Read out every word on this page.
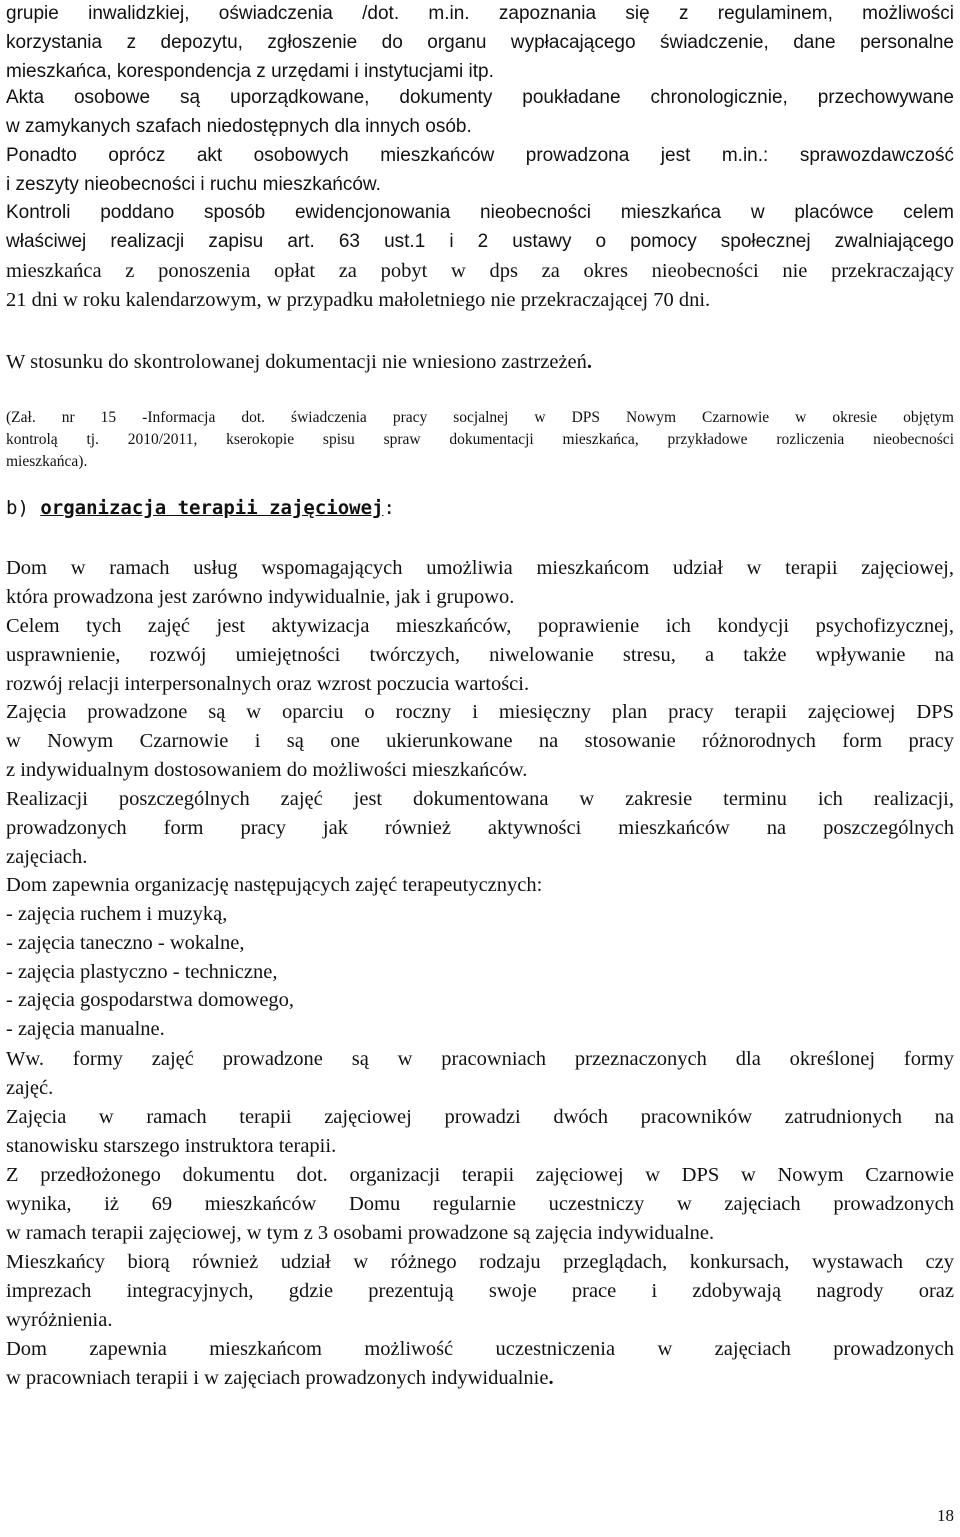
grupie inwalidzkiej, oświadczenia /dot. m.in. zapoznania się z regulaminem, możliwości
korzystania z depozytu, zgłoszenie do organu wypłacającego świadczenie, dane personalne
mieszkańca, korespondencja z urzędami i instytucjami itp.
Akta osobowe są uporządkowane, dokumenty poukładane chronologicznie, przechowywane
w zamykanych szafach niedostępnych dla innych osób.
Ponadto oprócz akt osobowych mieszkańców prowadzona jest m.in.: sprawozdawczość
i zeszyty nieobecności i ruchu mieszkańców.
Kontroli poddano sposób ewidencjonowania nieobecności mieszkańca w placówce celem
właściwej realizacji zapisu art. 63 ust.1 i 2 ustawy o pomocy społecznej zwalniającego
mieszkańca z ponoszenia opłat za pobyt w dps za okres nieobecności nie przekraczający
21 dni w roku kalendarzowym, w przypadku małoletniego nie przekraczającej 70 dni.
W stosunku do skontrolowanej dokumentacji nie wniesiono zastrzeżeń.
(Zał. nr 15 -Informacja dot. świadczenia pracy socjalnej w DPS Nowym Czarnowie w okresie objętym
kontrolą tj. 2010/2011, kserokopie spisu spraw dokumentacji mieszkańca, przykładowe rozliczenia nieobecności
mieszkańca).
b) organizacja terapii zajęciowej:
Dom w ramach usług wspomagających umożliwia mieszkańcom udział w terapii zajęciowej,
która prowadzona jest zarówno indywidualnie, jak i grupowo.
Celem tych zajęć jest aktywizacja mieszkańców, poprawienie ich kondycji psychofizycznej,
usprawnienie, rozwój umiejętności twórczych, niwelowanie stresu, a także wpływanie na
rozwój relacji interpersonalnych oraz wzrost poczucia wartości.
Zajęcia prowadzone są w oparciu o roczny i miesięczny plan pracy terapii zajęciowej DPS
w Nowym Czarnowie i są one ukierunkowane na stosowanie różnorodnych form pracy
z indywidualnym dostosowaniem do możliwości mieszkańców.
Realizacji poszczególnych zajęć jest dokumentowana w zakresie terminu ich realizacji,
prowadzonych form pracy jak również aktywności mieszkańców na poszczególnych
zajęciach.
Dom zapewnia organizację następujących zajęć terapeutycznych:
- zajęcia ruchem i muzyką,
- zajęcia taneczno - wokalne,
- zajęcia plastyczno - techniczne,
- zajęcia gospodarstwa domowego,
- zajęcia manualne.
Ww. formy zajęć prowadzone są w pracowniach przeznaczonych dla określonej formy
zajęć.
Zajęcia w ramach terapii zajęciowej prowadzi dwóch pracowników zatrudnionych na
stanowisku starszego instruktora terapii.
Z przedłożonego dokumentu dot. organizacji terapii zajęciowej w DPS w Nowym Czarnowie
wynika, iż 69 mieszkańców Domu regularnie uczestniczy w zajęciach prowadzonych
w ramach terapii zajęciowej, w tym z 3 osobami prowadzone są zajęcia indywidualne.
Mieszkańcy biorą również udział w różnego rodzaju przeglądach, konkursach, wystawach czy
imprezach integracyjnych, gdzie prezentują swoje prace i zdobywają nagrody oraz
wyróżnienia.
Dom zapewnia mieszkańcom możliwość uczestniczenia w zajęciach prowadzonych
w pracowniach terapii i w zajęciach prowadzonych indywidualnie.
18
